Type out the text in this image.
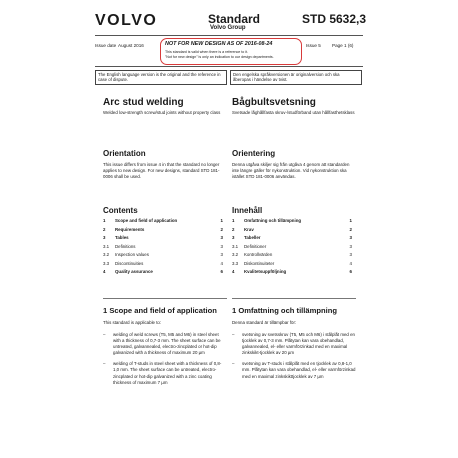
VOLVO	Standard
Volvo Group
STD 5632,3
Issue date August 2016	Issue 5 Page 1 (6)
NOT FOR NEW DESIGN AS OF 2016-08-24
This standard is valid when there is a reference to it.
"Not for new design" is only an indication to our design departments.
The English language version is the original and the reference in case of dispute.
Den engelska språkversionen är originalversion och ska åberopas i händelse av tvist.
Arc stud welding	Bågbultsvetsning
Welded low-strength screw/stud joints without property class	Svetsade låghållfasta skruv-/studförband utan hållfasthetsklass
Orientation	Orientering
This issue differs from issue 4 in that the standard no longer applies to new design. For new designs, standard STD 181-0006 shall be used.
Denna utgåva skiljer sig från utgåva 4 genom att standarden inte längre gäller för nykonstruktion. Vid nykonstruktion ska istället STD 181-0006 användas.
Contents	Innehåll
1 Scope and field of application	1
2 Requirements	2
3 Tables	3
3.1 Definitions	3
3.2 Inspection values	3
3.3 Discontinuities	4
4 Quality assurance	6
1 Omfattning och tillämpning	1
2 Krav	2
3 Tabeller	3
3.1 Definitioner	3
3.2 Kontrollvärden	3
3.3 Diskontinuiteter	4
4 Kvalitetsuppföljning	6
1 Scope and field of application 1 Omfattning och tillämpning
This standard is applicable to:	Denna standard är tillämpbar för:
– welding of weld screws (T5, M5 and M6) in steel sheet with a thickness of 0,7-3 mm. The sheet surface can be untreated, galvannealed, electro-zincplated or hot-dip galvanized with a thickness of maximum 20 µm
– welding of T-studs in steel sheet with a thickness of 0,8-1,0 mm. The sheet surface can be untreated, electro-zincplated or hot-dip galvanized with a zinc coating thickness of maximum 7 µm
– svetsning av svetsskruv (T5, M5 och M6) i stålplåt med en tjocklek av 0,7-3 mm. Plåtytan kan vara obehandlad, galvannealed, el- eller varmförzinkad med en maximal zinkskikt-tjocklek av 20 µm
– svetsning av T-studs i stålplåt med en tjocklek av 0,8-1,0 mm. Plåtytan kan vara obehandlad, el- eller varmförzinkad med en maximal zinkskikttjocklek av 7 µm
